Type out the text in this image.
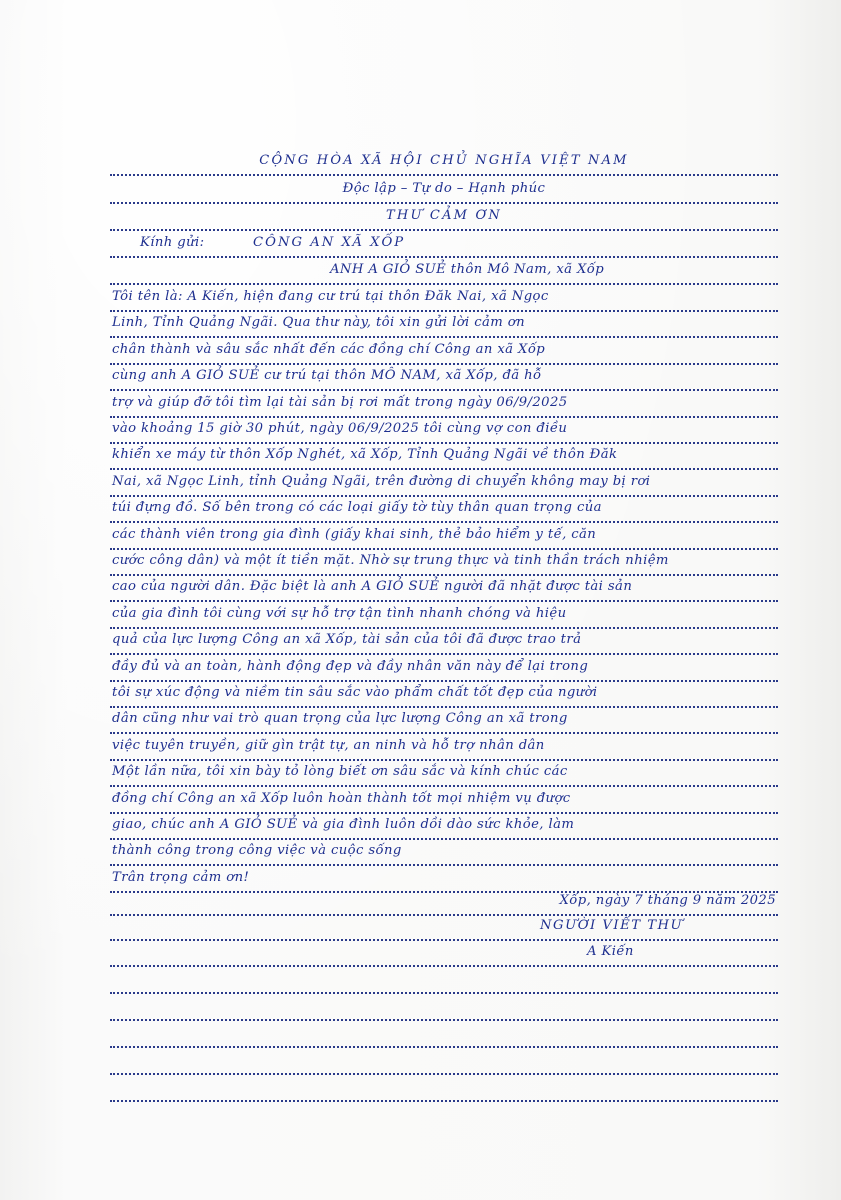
CỘNG HÒA XÃ HỘI CHỦ NGHĨA VIỆT NAM
Độc lập – Tự do – Hạnh phúc
THƯ CẢM ƠN
Kính gửi:	CÔNG AN XÃ XỐP
ANH A GIỎ SUẺ thôn Mô Nam, xã Xốp
Xốp, ngày 7 tháng 9 năm 2025
NGƯỜI VIẾT THƯ
A Kiến
Tôi tên là: A Kiến, hiện đang cư trú tại thôn Đăk Nai, xã Ngọc
Linh, Tỉnh Quảng Ngãi. Qua thư này, tôi xin gửi lời cảm ơn
chân thành và sâu sắc nhất đến các đồng chí Công an xã Xốp
cùng anh A GIỎ SUẺ cư trú tại thôn MÔ NAM, xã Xốp, đã hỗ
trợ và giúp đỡ tôi tìm lại tài sản bị rơi mất trong ngày 06/9/2025
vào khoảng 15 giờ 30 phút, ngày 06/9/2025 tôi cùng vợ con điều
khiển xe máy từ thôn Xốp Nghét, xã Xốp, Tỉnh Quảng Ngãi về thôn Đăk
Nai, xã Ngọc Linh, tỉnh Quảng Ngãi, trên đường di chuyển không may bị rơi
túi đựng đồ. Số bên trong có các loại giấy tờ tùy thân quan trọng của
các thành viên trong gia đình (giấy khai sinh, thẻ bảo hiểm y tế, căn
cước công dân) và một ít tiền mặt. Nhờ sự trung thực và tinh thần trách nhiệm
cao của người dân. Đặc biệt là anh A GIỎ SUẺ người đã nhặt được tài sản
của gia đình tôi cùng với sự hỗ trợ tận tình nhanh chóng và hiệu
quả của lực lượng Công an xã Xốp, tài sản của tôi đã được trao trả
đầy đủ và an toàn, hành động đẹp và đầy nhân văn này để lại trong
tôi sự xúc động và niềm tin sâu sắc vào phẩm chất tốt đẹp của người
dân cũng như vai trò quan trọng của lực lượng Công an xã trong
việc tuyên truyền, giữ gìn trật tự, an ninh và hỗ trợ nhân dân
Một lần nữa, tôi xin bày tỏ lòng biết ơn sâu sắc và kính chúc các
đồng chí Công an xã Xốp luôn hoàn thành tốt mọi nhiệm vụ được
giao, chúc anh A GIỎ SUẺ và gia đình luôn dồi dào sức khỏe, làm
thành công trong công việc và cuộc sống
Trân trọng cảm ơn!
